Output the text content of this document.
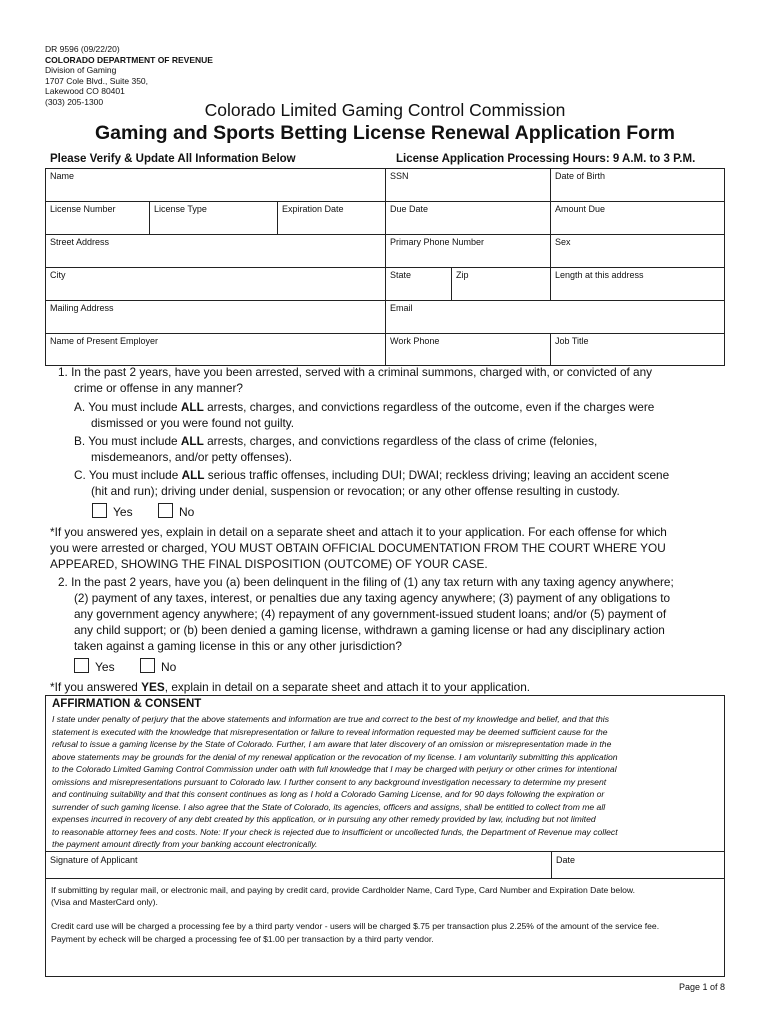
DR 9596 (09/22/20)
COLORADO DEPARTMENT OF REVENUE
Division of Gaming
1707 Cole Blvd., Suite 350,
Lakewood CO 80401
(303) 205-1300	Colorado Limited Gaming Control Commission
Gaming and Sports Betting License Renewal Application Form
Please Verify & Update All Information Below	License Application Processing Hours: 9 A.M. to 3 P.M.
Name	SSN	Date of Birth
License Number	License Type	Expiration Date	Due Date	Amount Due
Street Address	Primary Phone Number	Sex
City	State	Zip	Length at this address
Mailing Address	Email
Name of Present Employer	Work Phone	Job Title
1. In the past 2 years, have you been arrested, served with a criminal summons, charged with, or convicted of any
crime or offense in any manner?
A. You must include ALL arrests, charges, and convictions regardless of the outcome, even if the charges were
dismissed or you were found not guilty.
B. You must include ALL arrests, charges, and convictions regardless of the class of crime (felonies,
misdemeanors, and/or petty offenses).
C. You must include ALL serious traffic offenses, including DUI; DWAI; reckless driving; leaving an accident scene
(hit and run); driving under denial, suspension or revocation; or any other offense resulting in custody.
Yes	No
*If you answered yes, explain in detail on a separate sheet and attach it to your application. For each offense for which
you were arrested or charged, YOU MUST OBTAIN OFFICIAL DOCUMENTATION FROM THE COURT WHERE YOU
APPEARED, SHOWING THE FINAL DISPOSITION (OUTCOME) OF YOUR CASE.
2. In the past 2 years, have you (a) been delinquent in the filing of (1) any tax return with any taxing agency anywhere;
(2) payment of any taxes, interest, or penalties due any taxing agency anywhere; (3) payment of any obligations to
any government agency anywhere; (4) repayment of any government-issued student loans; and/or (5) payment of
any child support; or (b) been denied a gaming license, withdrawn a gaming license or had any disciplinary action
taken against a gaming license in this or any other jurisdiction?
Yes	No
*If you answered YES, explain in detail on a separate sheet and attach it to your application.
AFFIRMATION & CONSENT
I state under penalty of perjury that the above statements and information are true and correct to the best of my knowledge and belief, and that this
statement is executed with the knowledge that misrepresentation or failure to reveal information requested may be deemed sufficient cause for the
refusal to issue a gaming license by the State of Colorado. Further, I am aware that later discovery of an omission or misrepresentation made in the
above statements may be grounds for the denial of my renewal application or the revocation of my license. I am voluntarily submitting this application
to the Colorado Limited Gaming Control Commission under oath with full knowledge that I may be charged with perjury or other crimes for intentional
omissions and misrepresentations pursuant to Colorado law. I further consent to any background investigation necessary to determine my present
and continuing suitability and that this consent continues as long as I hold a Colorado Gaming License, and for 90 days following the expiration or
surrender of such gaming license. I also agree that the State of Colorado, its agencies, officers and assigns, shall be entitled to collect from me all
expenses incurred in recovery of any debt created by this application, or in pursuing any other remedy provided by law, including but not limited
to reasonable attorney fees and costs. Note: If your check is rejected due to insufficient or uncollected funds, the Department of Revenue may collect
the payment amount directly from your banking account electronically.
Signature of Applicant	Date
If submitting by regular mail, or electronic mail, and paying by credit card, provide Cardholder Name, Card Type, Card Number and Expiration Date below.
(Visa and MasterCard only).
Credit card use will be charged a processing fee by a third party vendor - users will be charged $.75 per transaction plus 2.25% of the amount of the service fee.
Payment by echeck will be charged a processing fee of $1.00 per transaction by a third party vendor.
Page 1 of 8
